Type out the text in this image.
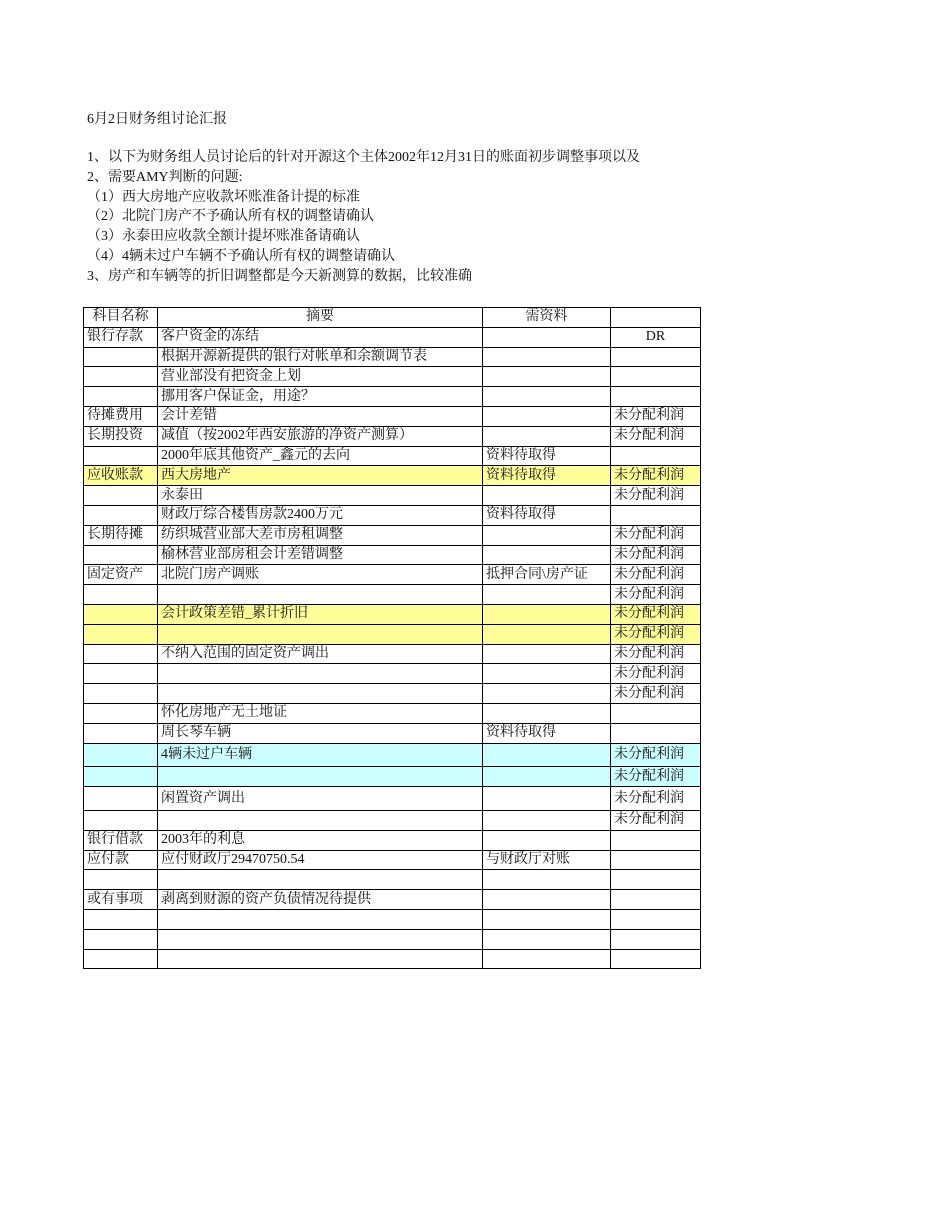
6月2日财务组讨论汇报
1、以下为财务组人员讨论后的针对开源这个主体2002年12月31日的账面初步调整事项以及
2、需要AMY判断的问题:
（1）西大房地产应收款坏账准备计提的标准
（2）北院门房产不予确认所有权的调整请确认
（3）永泰田应收款全额计提坏账准备请确认
（4）4辆未过户车辆不予确认所有权的调整请确认
3、房产和车辆等的折旧调整都是今天新测算的数据，比较准确
科目名称	摘要	需资料	
银行存款	客户资金的冻结		DR
	根据开源新提供的银行对帐单和余额调节表		
	营业部没有把资金上划		
	挪用客户保证金，用途？		
待摊费用	会计差错		未分配利润
长期投资	减值（按2002年西安旅游的净资产测算）		未分配利润
	2000年底其他资产_鑫元的去向	资料待取得	
应收账款	西大房地产	资料待取得	未分配利润
	永泰田		未分配利润
	财政厅综合楼售房款2400万元	资料待取得	
长期待摊	纺织城营业部大差市房租调整		未分配利润
	榆林营业部房租会计差错调整		未分配利润
固定资产	北院门房产调账	抵押合同\房产证	未分配利润
			未分配利润
	会计政策差错_累计折旧		未分配利润
			未分配利润
	不纳入范围的固定资产调出		未分配利润
			未分配利润
			未分配利润
	怀化房地产无土地证		
	周长琴车辆	资料待取得	
	4辆未过户车辆		未分配利润
			未分配利润
	闲置资产调出		未分配利润
			未分配利润
银行借款	2003年的利息		
应付款	应付财政厅29470750.54	与财政厅对账	

或有事项	剥离到财源的资产负债情况待提供		
